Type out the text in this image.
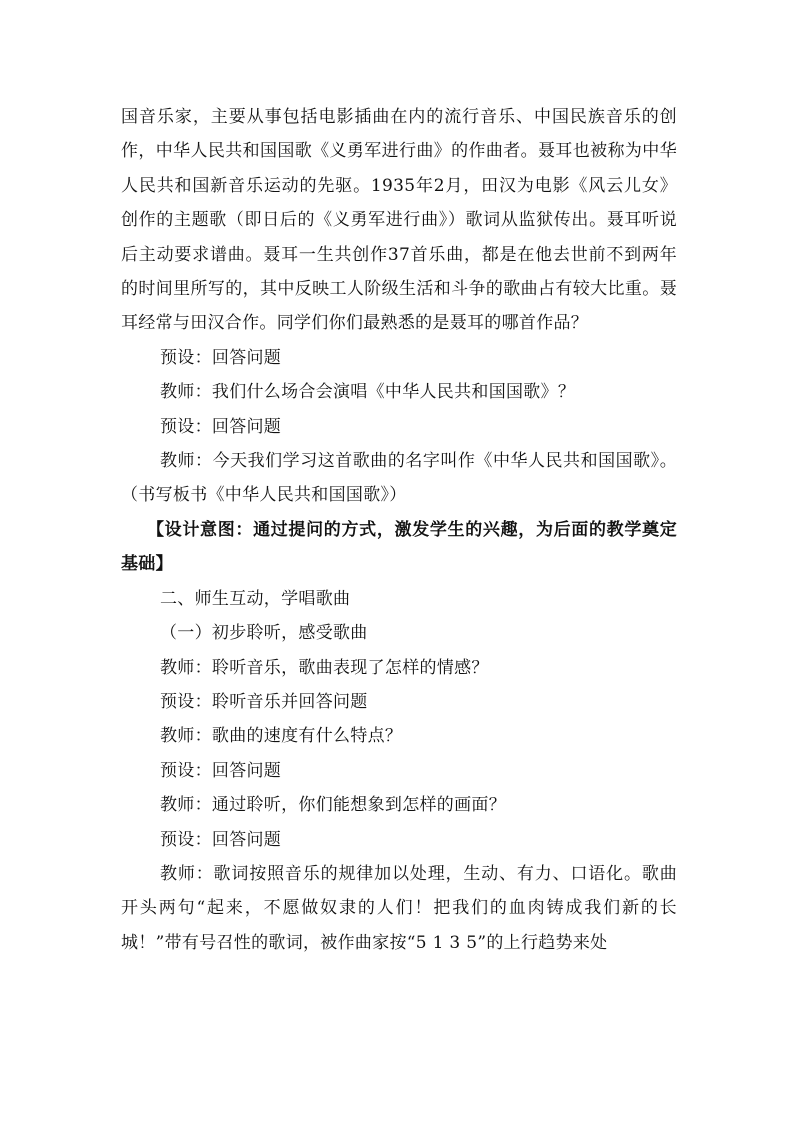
国音乐家，主要从事包括电影插曲在内的流行音乐、中国民族音乐的创作，中华人民共和国国歌《义勇军进行曲》的作曲者。聂耳也被称为中华人民共和国新音乐运动的先驱。1935年2月，田汉为电影《风云儿女》创作的主题歌（即日后的《义勇军进行曲》）歌词从监狱传出。聂耳听说后主动要求谱曲。聂耳一生共创作37首乐曲，都是在他去世前不到两年的时间里所写的，其中反映工人阶级生活和斗争的歌曲占有较大比重。聂耳经常与田汉合作。同学们你们最熟悉的是聂耳的哪首作品？

预设：回答问题

教师：我们什么场合会演唱《中华人民共和国国歌》？

预设：回答问题

教师：今天我们学习这首歌曲的名字叫作《中华人民共和国国歌》。（书写板书《中华人民共和国国歌》）

【设计意图：通过提问的方式，激发学生的兴趣，为后面的教学奠定基础】

二、师生互动，学唱歌曲

（一）初步聆听，感受歌曲

教师：聆听音乐，歌曲表现了怎样的情感？

预设：聆听音乐并回答问题

教师：歌曲的速度有什么特点？

预设：回答问题

教师：通过聆听，你们能想象到怎样的画面？

预设：回答问题

教师：歌词按照音乐的规律加以处理，生动、有力、口语化。歌曲开头两句“起来，不愿做奴隶的人们！把我们的血肉铸成我们新的长城！”带有号召性的歌词，被作曲家按“5 1 3 5”的上行趋势来处
